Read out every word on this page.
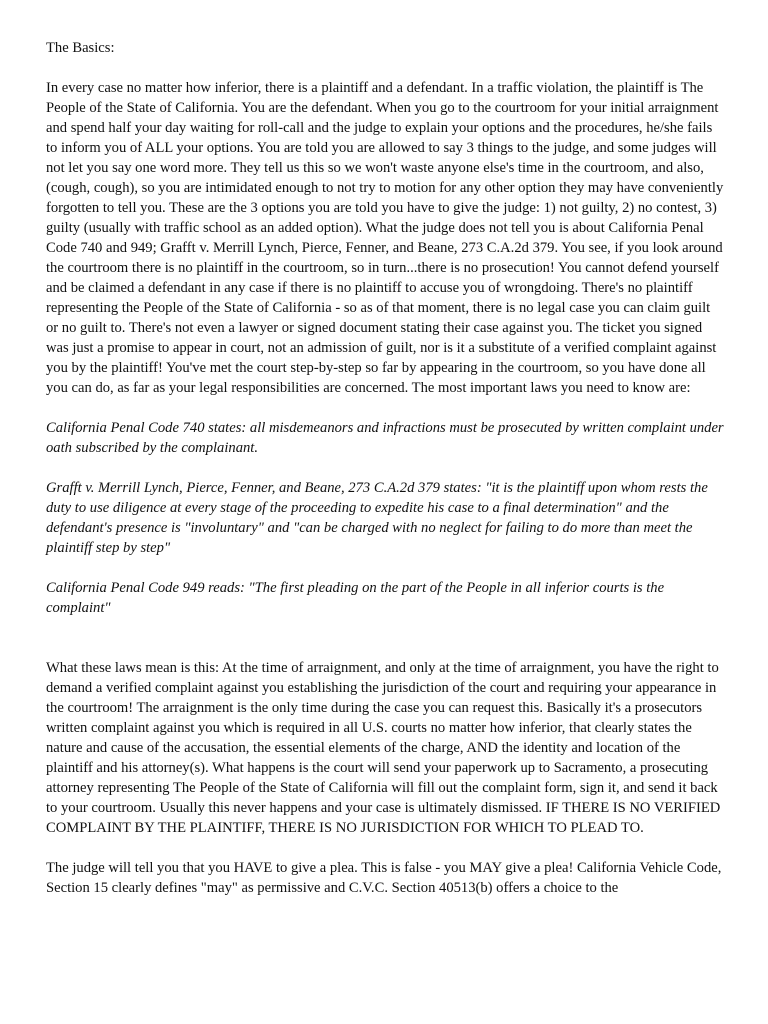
The Basics:

In every case no matter how inferior, there is a plaintiff and a defendant. In a traffic violation, the plaintiff is The People of the State of California. You are the defendant. When you go to the courtroom for your initial arraignment and spend half your day waiting for roll-call and the judge to explain your options and the procedures, he/she fails to inform you of ALL your options. You are told you are allowed to say 3 things to the judge, and some judges will not let you say one word more. They tell us this so we won't waste anyone else's time in the courtroom, and also, (cough, cough), so you are intimidated enough to not try to motion for any other option they may have conveniently forgotten to tell you. These are the 3 options you are told you have to give the judge: 1) not guilty, 2) no contest, 3) guilty (usually with traffic school as an added option). What the judge does not tell you is about California Penal Code 740 and 949; Grafft v. Merrill Lynch, Pierce, Fenner, and Beane, 273 C.A.2d 379. You see, if you look around the courtroom there is no plaintiff in the courtroom, so in turn...there is no prosecution! You cannot defend yourself and be claimed a defendant in any case if there is no plaintiff to accuse you of wrongdoing. There's no plaintiff representing the People of the State of California - so as of that moment, there is no legal case you can claim guilt or no guilt to. There's not even a lawyer or signed document stating their case against you. The ticket you signed was just a promise to appear in court, not an admission of guilt, nor is it a substitute of a verified complaint against you by the plaintiff! You've met the court step-by-step so far by appearing in the courtroom, so you have done all you can do, as far as your legal responsibilities are concerned. The most important laws you need to know are:

California Penal Code 740 states: all misdemeanors and infractions must be prosecuted by written complaint under oath subscribed by the complainant.

Grafft v. Merrill Lynch, Pierce, Fenner, and Beane, 273 C.A.2d 379 states: "it is the plaintiff upon whom rests the duty to use diligence at every stage of the proceeding to expedite his case to a final determination" and the defendant's presence is "involuntary" and "can be charged with no neglect for failing to do more than meet the plaintiff step by step"

California Penal Code 949 reads: "The first pleading on the part of the People in all inferior courts is the complaint"

What these laws mean is this: At the time of arraignment, and only at the time of arraignment, you have the right to demand a verified complaint against you establishing the jurisdiction of the court and requiring your appearance in the courtroom! The arraignment is the only time during the case you can request this. Basically it's a prosecutors written complaint against you which is required in all U.S. courts no matter how inferior, that clearly states the nature and cause of the accusation, the essential elements of the charge, AND the identity and location of the plaintiff and his attorney(s). What happens is the court will send your paperwork up to Sacramento, a prosecuting attorney representing The People of the State of California will fill out the complaint form, sign it, and send it back to your courtroom. Usually this never happens and your case is ultimately dismissed. IF THERE IS NO VERIFIED COMPLAINT BY THE PLAINTIFF, THERE IS NO JURISDICTION FOR WHICH TO PLEAD TO.

The judge will tell you that you HAVE to give a plea. This is false - you MAY give a plea! California Vehicle Code, Section 15 clearly defines "may" as permissive and C.V.C. Section 40513(b) offers a choice to the
